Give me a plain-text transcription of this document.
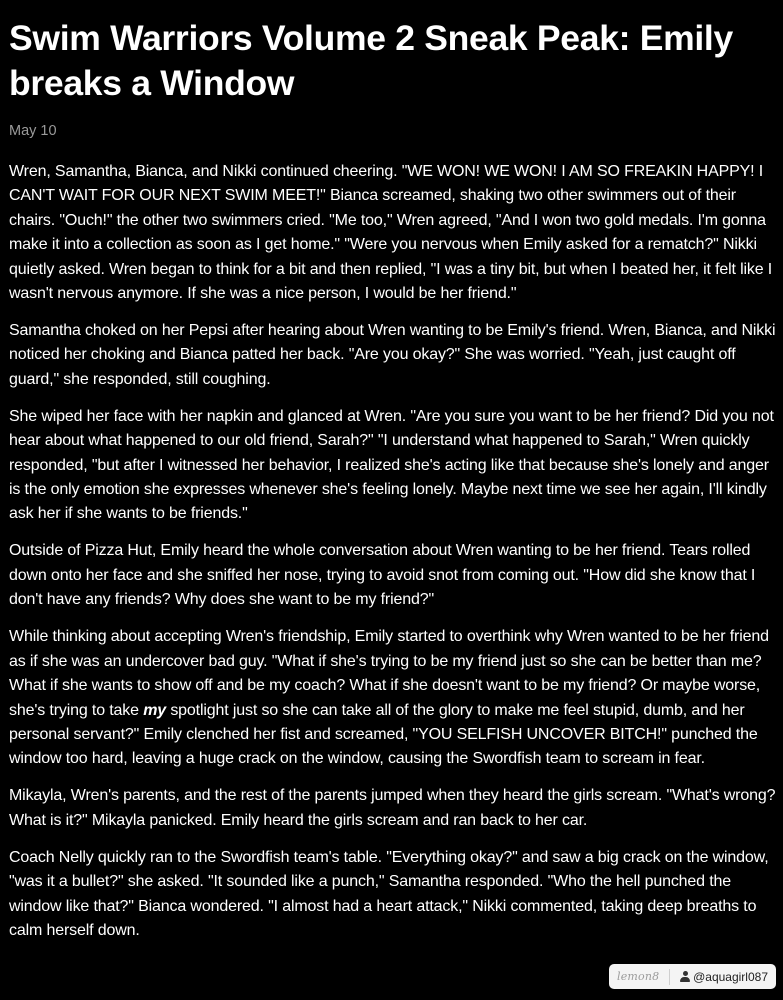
Swim Warriors Volume 2 Sneak Peak: Emily breaks a Window
May 10

Wren, Samantha, Bianca, and Nikki continued cheering. "WE WON! WE WON! I AM SO FREAKIN HAPPY! I CAN'T WAIT FOR OUR NEXT SWIM MEET!" Bianca screamed, shaking two other swimmers out of their chairs. "Ouch!" the other two swimmers cried. "Me too," Wren agreed, "And I won two gold medals. I'm gonna make it into a collection as soon as I get home." "Were you nervous when Emily asked for a rematch?" Nikki quietly asked. Wren began to think for a bit and then replied, "I was a tiny bit, but when I beated her, it felt like I wasn't nervous anymore. If she was a nice person, I would be her friend."

Samantha choked on her Pepsi after hearing about Wren wanting to be Emily's friend. Wren, Bianca, and Nikki noticed her choking and Bianca patted her back. "Are you okay?" She was worried. "Yeah, just caught off guard," she responded, still coughing.

She wiped her face with her napkin and glanced at Wren. "Are you sure you want to be her friend? Did you not hear about what happened to our old friend, Sarah?" "I understand what happened to Sarah," Wren quickly responded, "but after I witnessed her behavior, I realized she's acting like that because she's lonely and anger is the only emotion she expresses whenever she's feeling lonely. Maybe next time we see her again, I'll kindly ask her if she wants to be friends."

Outside of Pizza Hut, Emily heard the whole conversation about Wren wanting to be her friend. Tears rolled down onto her face and she sniffed her nose, trying to avoid snot from coming out. "How did she know that I don't have any friends? Why does she want to be my friend?"

While thinking about accepting Wren's friendship, Emily started to overthink why Wren wanted to be her friend as if she was an undercover bad guy. "What if she's trying to be my friend just so she can be better than me? What if she wants to show off and be my coach? What if she doesn't want to be my friend? Or maybe worse, she's trying to take my spotlight just so she can take all of the glory to make me feel stupid, dumb, and her personal servant?" Emily clenched her fist and screamed, "YOU SELFISH UNCOVER BITCH!" punched the window too hard, leaving a huge crack on the window, causing the Swordfish team to scream in fear.

Mikayla, Wren's parents, and the rest of the parents jumped when they heard the girls scream. "What's wrong? What is it?" Mikayla panicked. Emily heard the girls scream and ran back to her car.

Coach Nelly quickly ran to the Swordfish team's table. "Everything okay?" and saw a big crack on the window, "was it a bullet?" she asked. "It sounded like a punch," Samantha responded. "Who the hell punched the window like that?" Bianca wondered. "I almost had a heart attack," Nikki commented, taking deep breaths to calm herself down.

lemon8	@aquagirl087
